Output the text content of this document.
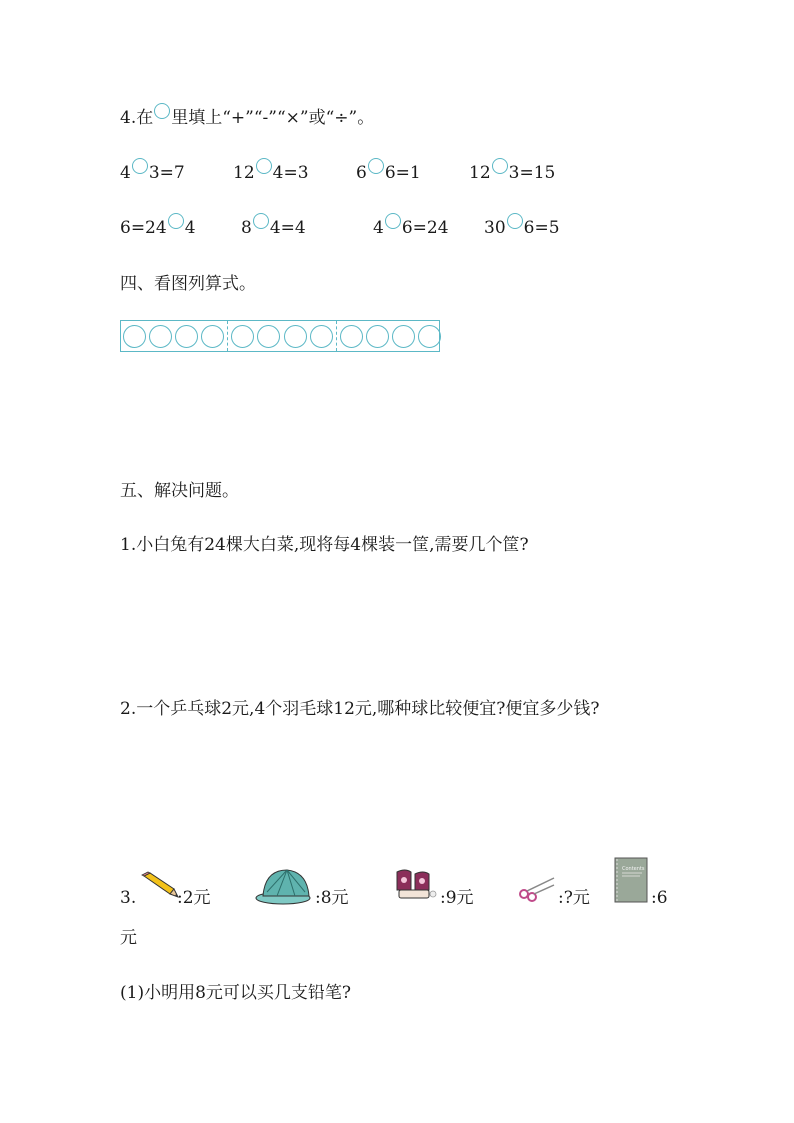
4.在 里填上“+”“-”“×”或“÷”。
4 3=7	12 4=3	6 6=1	12 3=15
6=24 4	8 4=4	4 6=24 30 6=5
四、看图列算式。
五、解决问题。
1.小白兔有24棵大白菜,现将每4棵装一筐,需要几个筐?
2.一个乒乓球2元,4个羽毛球12元,哪种球比较便宜?便宜多少钱?
3. :2元	:8元	:9元	:?元
Contents
:6
元
(1)小明用8元可以买几支铅笔?
